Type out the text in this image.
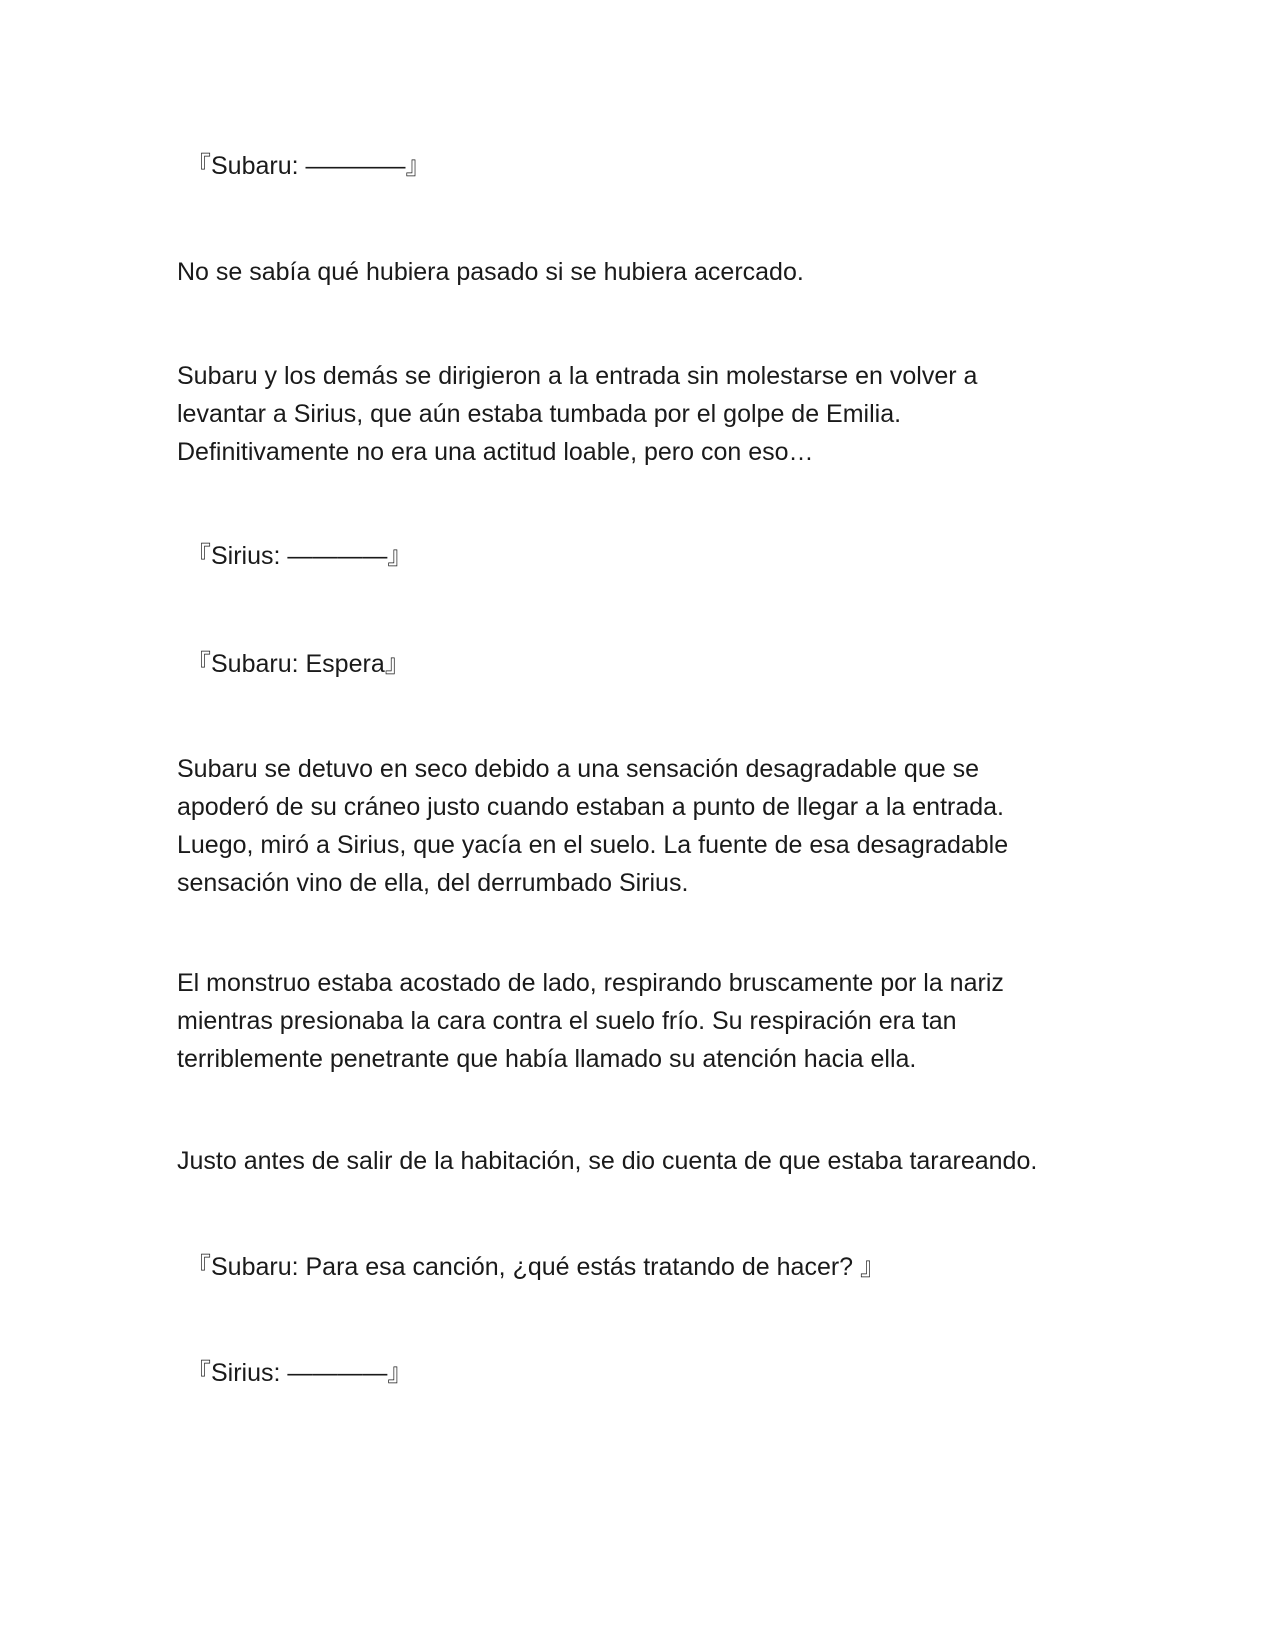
『Subaru: ————』

No se sabía qué hubiera pasado si se hubiera acercado.

Subaru y los demás se dirigieron a la entrada sin molestarse en volver a
levantar a Sirius, que aún estaba tumbada por el golpe de Emilia.
Definitivamente no era una actitud loable, pero con eso…

『Sirius: ————』

『Subaru: Espera』

Subaru se detuvo en seco debido a una sensación desagradable que se
apoderó de su cráneo justo cuando estaban a punto de llegar a la entrada.
Luego, miró a Sirius, que yacía en el suelo. La fuente de esa desagradable
sensación vino de ella, del derrumbado Sirius.

El monstruo estaba acostado de lado, respirando bruscamente por la nariz
mientras presionaba la cara contra el suelo frío. Su respiración era tan
terriblemente penetrante que había llamado su atención hacia ella.

Justo antes de salir de la habitación, se dio cuenta de que estaba tarareando.

『Subaru: Para esa canción, ¿qué estás tratando de hacer? 』

『Sirius: ————』
